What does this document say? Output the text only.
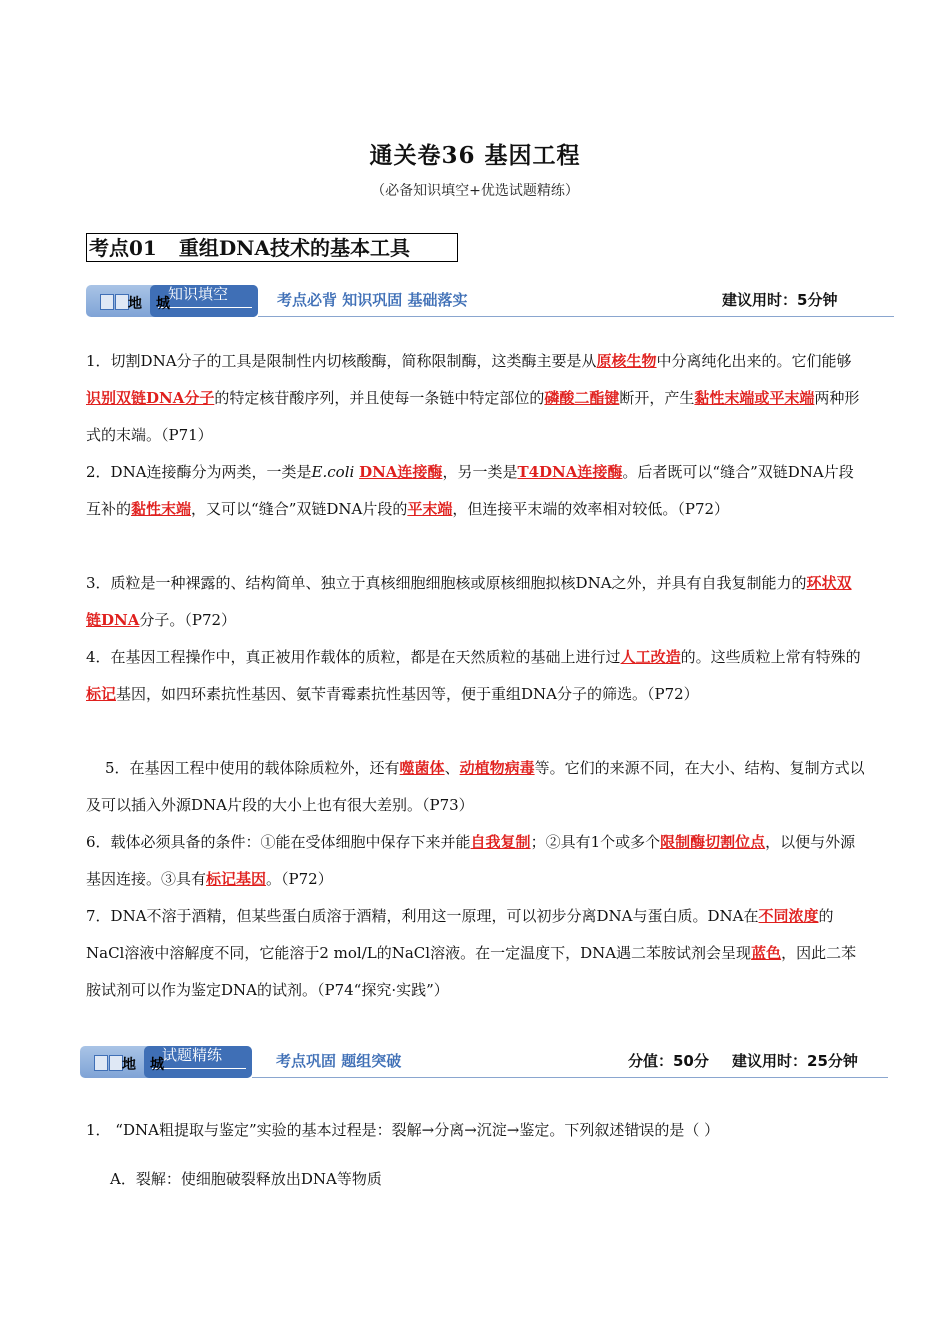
通关卷36 基因工程
（必备知识填空+优选试题精练）
考点01 重组DNA技术的基本工具
知识填空
地城	考点必背 知识巩固 基础落实	建议用时：5分钟

1．切割DNA分子的工具是限制性内切核酸酶，简称限制酶，这类酶主要是从原核生物中分离纯化出来的。它们能够识别双链DNA分子的特定核苷酸序列，并且使每一条链中特定部位的磷酸二酯键断开，产生黏性末端或平末端两种形式的末端。（P71）

2．DNA连接酶分为两类，一类是E.coli DNA连接酶，另一类是T4DNA连接酶。后者既可以“缝合”双链DNA片段互补的黏性末端，又可以“缝合”双链DNA片段的平末端，但连接平末端的效率相对较低。（P72）

3．质粒是一种裸露的、结构简单、独立于真核细胞细胞核或原核细胞拟核DNA之外，并具有自我复制能力的环状双链DNA分子。（P72）

4．在基因工程操作中，真正被用作载体的质粒，都是在天然质粒的基础上进行过人工改造的。这些质粒上常有特殊的标记基因，如四环素抗性基因、氨苄青霉素抗性基因等，便于重组DNA分子的筛选。（P72）

5．在基因工程中使用的载体除质粒外，还有噬菌体、动植物病毒等。它们的来源不同，在大小、结构、复制方式以及可以插入外源DNA片段的大小上也有很大差别。（P73）

6．载体必须具备的条件：①能在受体细胞中保存下来并能自我复制；②具有1个或多个限制酶切割位点，以便与外源基因连接。③具有标记基因。（P72）

7．DNA不溶于酒精，但某些蛋白质溶于酒精，利用这一原理，可以初步分离DNA与蛋白质。DNA在不同浓度的NaCl溶液中溶解度不同，它能溶于2 mol/L的NaCl溶液。在一定温度下，DNA遇二苯胺试剂会呈现蓝色，因此二苯胺试剂可以作为鉴定DNA的试剂。（P74“探究·实践”）

试题精练
地城	考点巩固 题组突破	分值：50分 建议用时：25分钟

1． “DNA粗提取与鉴定”实验的基本过程是：裂解→分离→沉淀→鉴定。下列叙述· · 错误的是（ ）

A．裂解：使细胞破裂释放出DNA等物质
